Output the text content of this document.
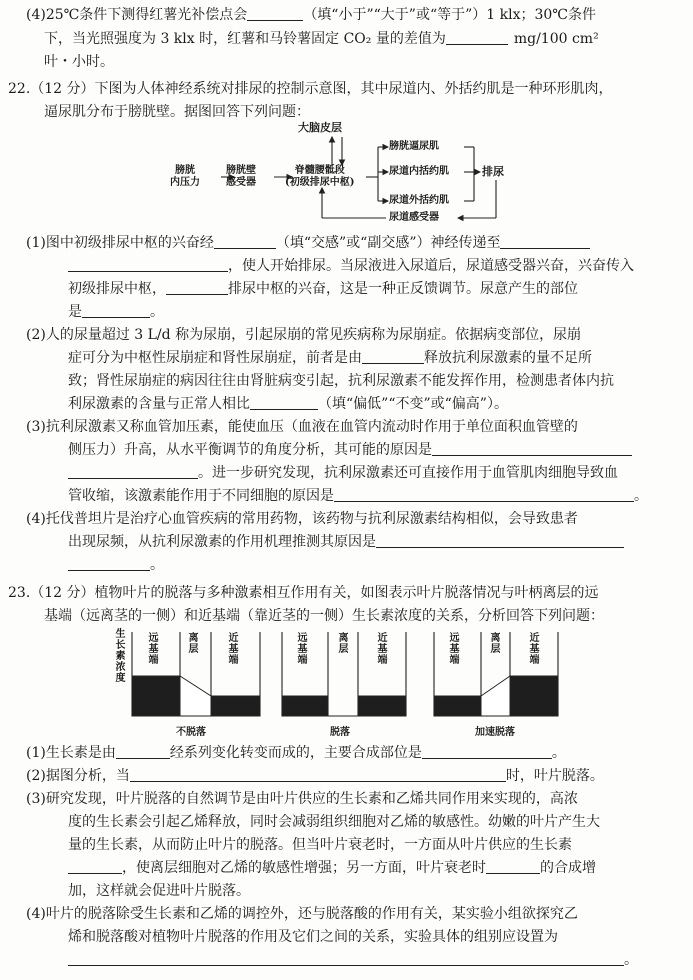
(4)25℃条件下测得红薯光补偿点会	（填“小于”“大于”或“等于”）1 klx；30℃条件
下，当光照强度为 3 klx 时，红薯和马铃薯固定 CO₂ 量的差值为	mg/100 cm²
叶・小时。
22.（12 分）下图为人体神经系统对排尿的控制示意图，其中尿道内、外括约肌是一种环形肌肉，
逼尿肌分布于膀胱壁。据图回答下列问题：
大脑皮层
膀胱
内压力
膀胱壁
感受器
脊髓腰骶段
(初级排尿中枢)
膀胱逼尿肌
尿道内括约肌
尿道外括约肌
尿道感受器
排尿
(1)图中初级排尿中枢的兴奋经	（填“交感”或“副交感”）神经传递至
，使人开始排尿。当尿液进入尿道后，尿道感受器兴奋，兴奋传入
初级排尿中枢，	排尿中枢的兴奋，这是一种正反馈调节。尿意产生的部位
是	。
(2)人的尿量超过 3 L/d 称为尿崩，引起尿崩的常见疾病称为尿崩症。依据病变部位，尿崩
症可分为中枢性尿崩症和肾性尿崩症，前者是由	释放抗利尿激素的量不足所
致；肾性尿崩症的病因往往由肾脏病变引起，抗利尿激素不能发挥作用，检测患者体内抗
利尿激素的含量与正常人相比	（填“偏低”“不变”或“偏高”）。
(3)抗利尿激素又称血管加压素，能使血压（血液在血管内流动时作用于单位面积血管壁的
侧压力）升高，从水平衡调节的角度分析，其可能的原因是
。进一步研究发现，抗利尿激素还可直接作用于血管肌肉细胞导致血
管收缩，该激素能作用于不同细胞的原因是	。
(4)托伐普坦片是治疗心血管疾病的常用药物，该药物与抗利尿激素结构相似，会导致患者
出现尿频，从抗利尿激素的作用机理推测其原因是
。
23.（12 分）植物叶片的脱落与多种激素相互作用有关，如图表示叶片脱落情况与叶柄离层的远
基端（远离茎的一侧）和近基端（靠近茎的一侧）生长素浓度的关系，分析回答下列问题：
生长素浓度 远基端	离层	近基端	远基端	离层	近基端	远基端	离层	近基端
不脱落	脱落	加速脱落
(1)生长素是由	经系列变化转变而成的，主要合成部位是	。
(2)据图分析，当	时，叶片脱落。
(3)研究发现，叶片脱落的自然调节是由叶片供应的生长素和乙烯共同作用来实现的，高浓
度的生长素会引起乙烯释放，同时会减弱组织细胞对乙烯的敏感性。幼嫩的叶片产生大
量的生长素，从而防止叶片的脱落。但当叶片衰老时，一方面从叶片供应的生长素
，使离层细胞对乙烯的敏感性增强；另一方面，叶片衰老时	的合成增
加，这样就会促进叶片脱落。
(4)叶片的脱落除受生长素和乙烯的调控外，还与脱落酸的作用有关，某实验小组欲探究乙
烯和脱落酸对植物叶片脱落的作用及它们之间的关系，实验具体的组别应设置为
。
